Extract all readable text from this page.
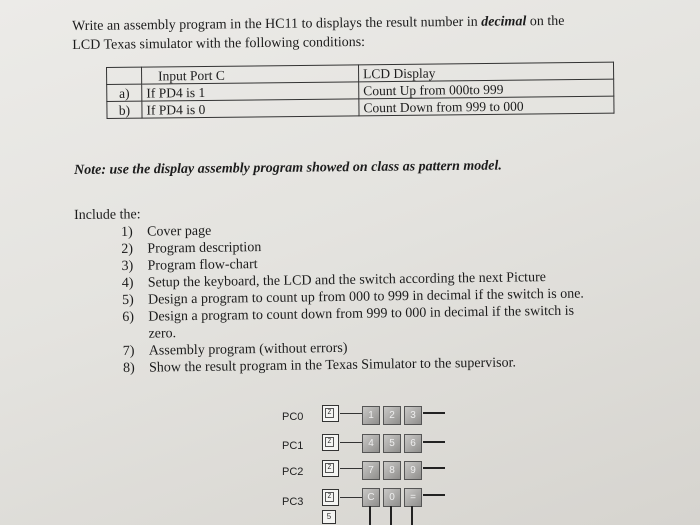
Write an assembly program in the HC11 to displays the result number in decimal on the
LCD Texas simulator with the following conditions:
	Input Port C	LCD Display
a)	If PD4 is 1	Count Up from 000to 999
b)	If PD4 is 0	Count Down from 999 to 000
Note: use the display assembly program showed on class as pattern model.
Include the:
1) Cover page
2) Program description
3) Program flow-chart
4) Setup the keyboard, the LCD and the switch according the next Picture
5) Design a program to count up from 000 to 999 in decimal if the switch is one.
6) Design a program to count down from 999 to 000 in decimal if the switch is
zero.
7) Assembly program (without errors)
8) Show the result program in the Texas Simulator to the supervisor.
PC0
PC1
PC2
PC3
Z
Z
Z
Z
1	2	3
4	5	6
7	8	9
C	0	=
5
